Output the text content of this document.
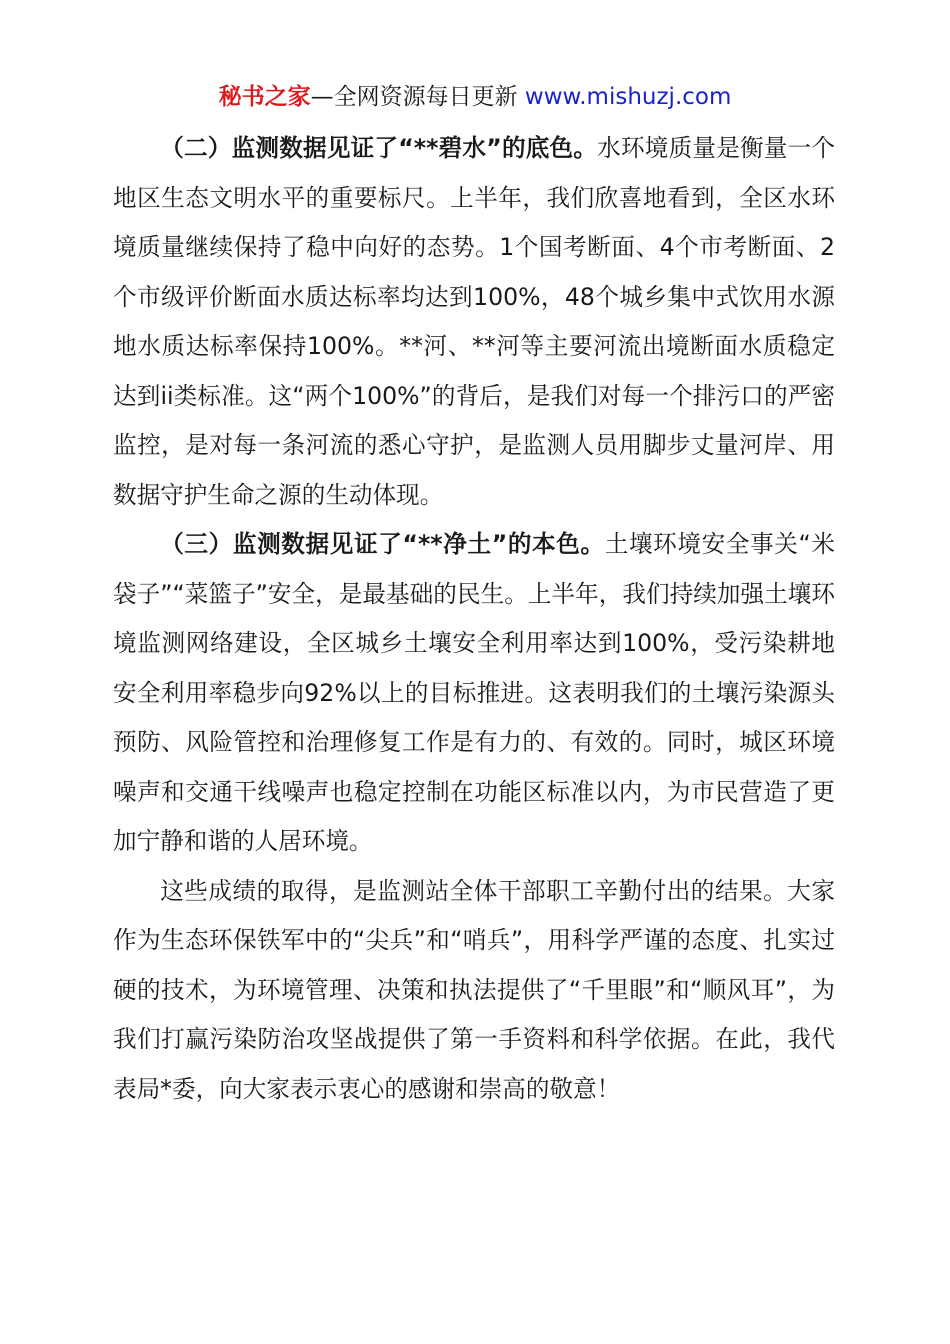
秘书之家—全网资源每日更新 www.mishuzj.com

（二）监测数据见证了“**碧水”的底色。水环境质量是衡量一个地区生态文明水平的重要标尺。上半年，我们欣喜地看到，全区水环境质量继续保持了稳中向好的态势。1个国考断面、4个市考断面、2个市级评价断面水质达标率均达到100%，48个城乡集中式饮用水源地水质达标率保持100%。**河、**河等主要河流出境断面水质稳定达到ii类标准。这“两个100%”的背后，是我们对每一个排污口的严密监控，是对每一条河流的悉心守护，是监测人员用脚步丈量河岸、用数据守护生命之源的生动体现。

（三）监测数据见证了“**净土”的本色。土壤环境安全事关“米袋子”“菜篮子”安全，是最基础的民生。上半年，我们持续加强土壤环境监测网络建设，全区城乡土壤安全利用率达到100%，受污染耕地安全利用率稳步向92%以上的目标推进。这表明我们的土壤污染源头预防、风险管控和治理修复工作是有力的、有效的。同时，城区环境噪声和交通干线噪声也稳定控制在功能区标准以内，为市民营造了更加宁静和谐的人居环境。

这些成绩的取得，是监测站全体干部职工辛勤付出的结果。大家作为生态环保铁军中的“尖兵”和“哨兵”，用科学严谨的态度、扎实过硬的技术，为环境管理、决策和执法提供了“千里眼”和“顺风耳”，为我们打赢污染防治攻坚战提供了第一手资料和科学依据。在此，我代表局*委，向大家表示衷心的感谢和崇高的敬意！
